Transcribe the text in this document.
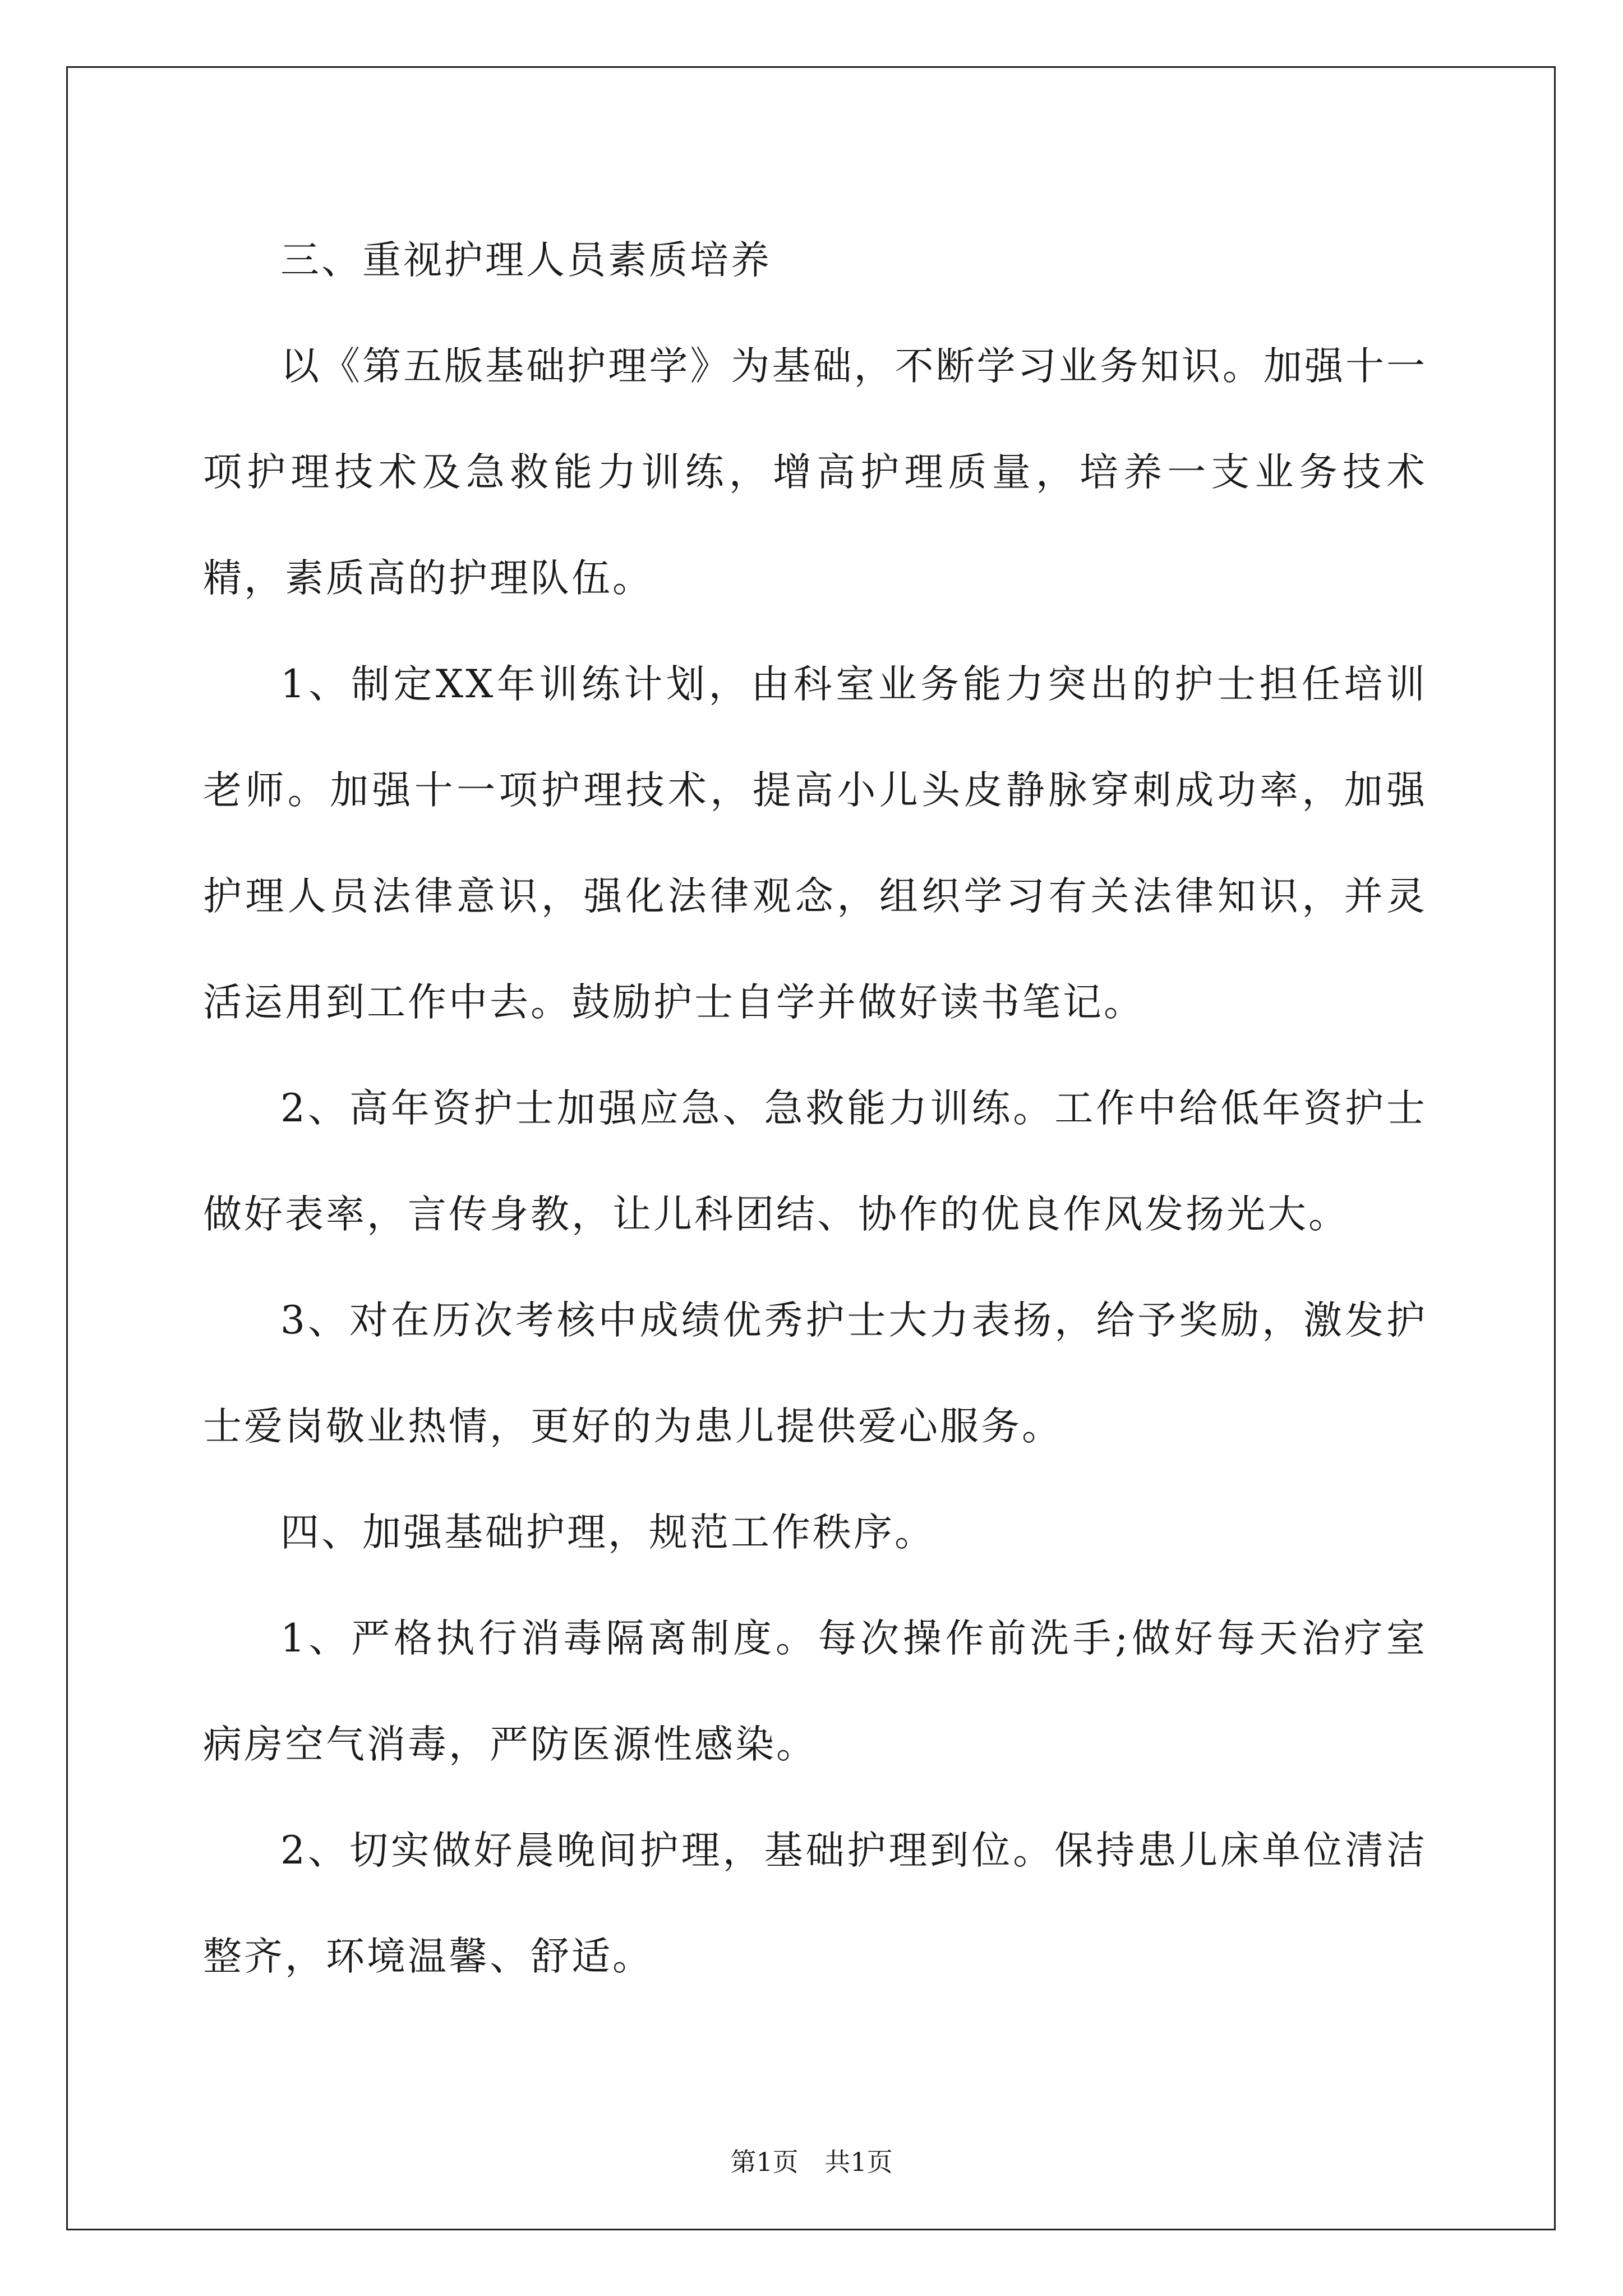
三、重视护理人员素质培养

以《第五版基础护理学》为基础，不断学习业务知识。加强十一项护理技术及急救能力训练，增高护理质量，培养一支业务技术精，素质高的护理队伍。

1、制定XX年训练计划，由科室业务能力突出的护士担任培训老师。加强十一项护理技术，提高小儿头皮静脉穿刺成功率，加强护理人员法律意识，强化法律观念，组织学习有关法律知识，并灵活运用到工作中去。鼓励护士自学并做好读书笔记。

2、高年资护士加强应急、急救能力训练。工作中给低年资护士做好表率，言传身教，让儿科团结、协作的优良作风发扬光大。

3、对在历次考核中成绩优秀护士大力表扬，给予奖励，激发护士爱岗敬业热情，更好的为患儿提供爱心服务。

四、加强基础护理，规范工作秩序。

1、严格执行消毒隔离制度。每次操作前洗手;做好每天治疗室病房空气消毒，严防医源性感染。

2、切实做好晨晚间护理，基础护理到位。保持患儿床单位清洁整齐，环境温馨、舒适。

第1页 共1页
